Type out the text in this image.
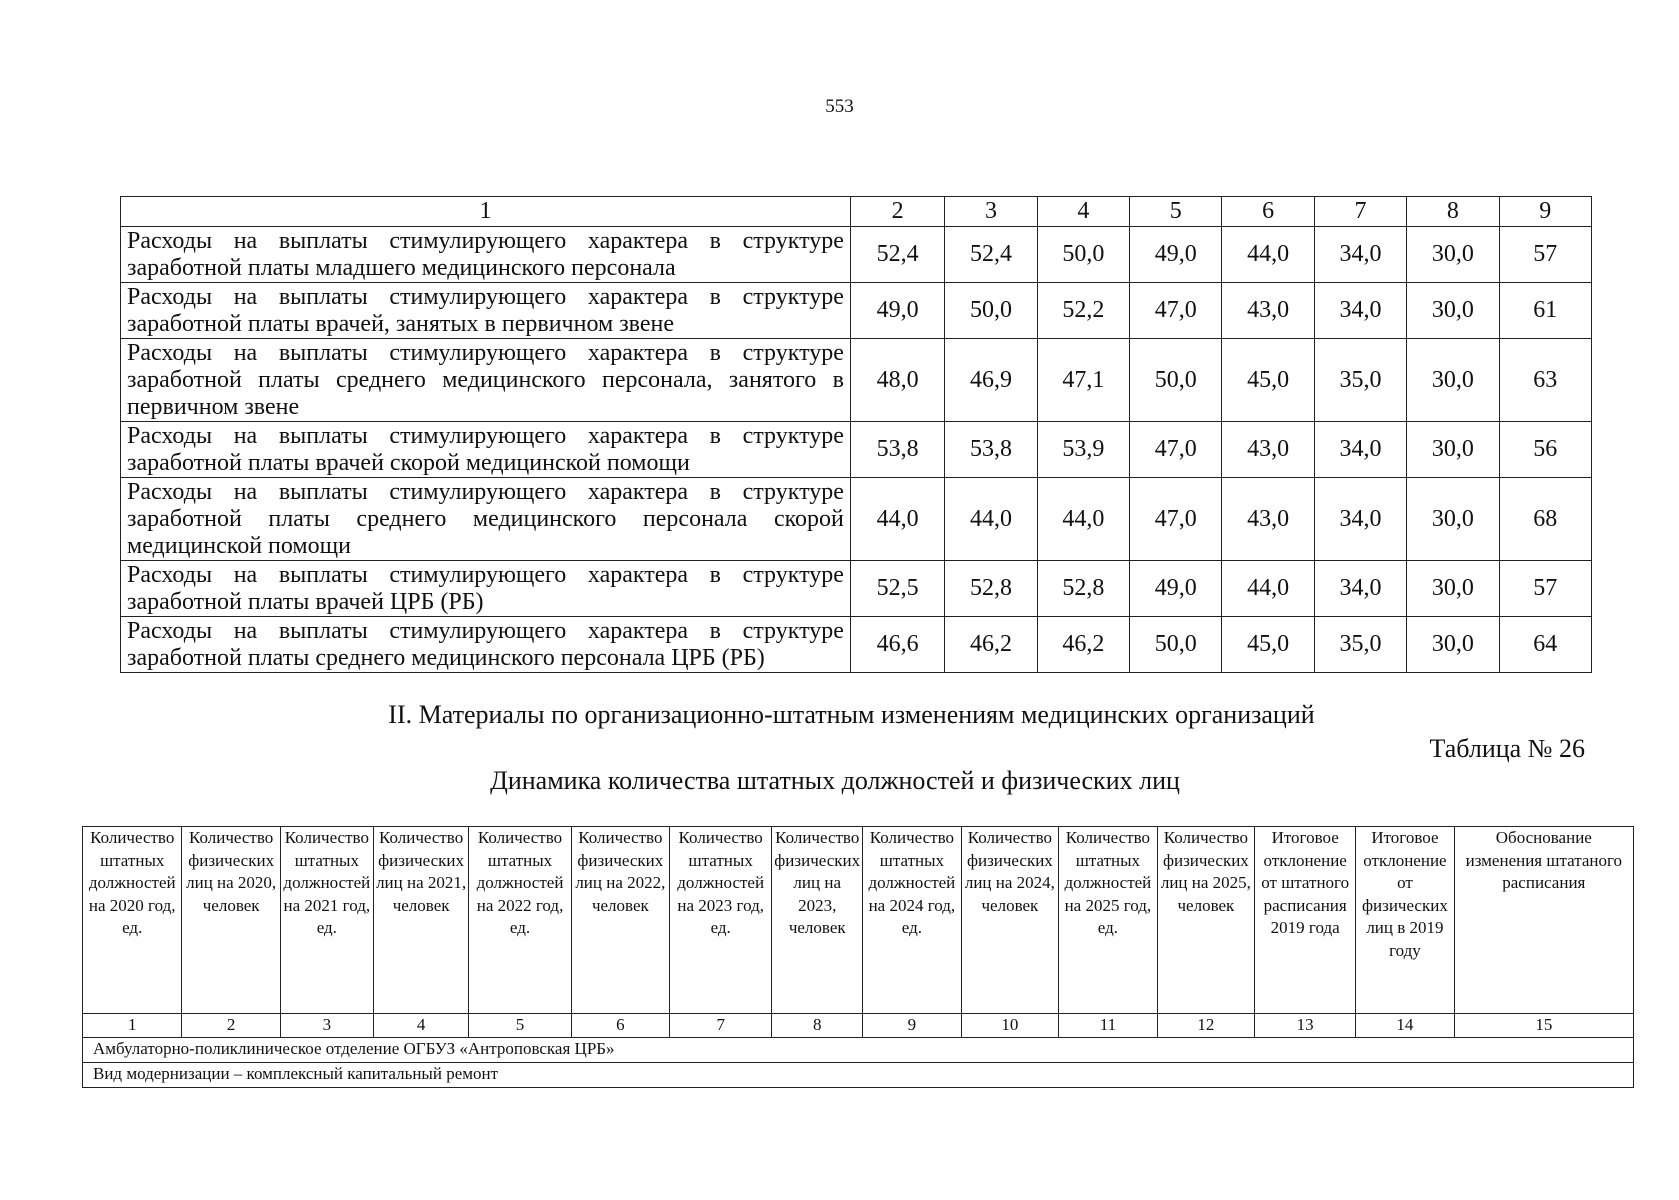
553
1	2	3	4	5	6	7	8	9
Расходы на выплаты стимулирующего характера в структуре заработной платы младшего медицинского персонала	52,4	52,4	50,0	49,0	44,0	34,0	30,0	57
Расходы на выплаты стимулирующего характера в структуре заработной платы врачей, занятых в первичном звене	49,0	50,0	52,2	47,0	43,0	34,0	30,0	61
Расходы на выплаты стимулирующего характера в структуре заработной платы среднего медицинского персонала, занятого в первичном звене	48,0	46,9	47,1	50,0	45,0	35,0	30,0	63
Расходы на выплаты стимулирующего характера в структуре заработной платы врачей скорой медицинской помощи	53,8	53,8	53,9	47,0	43,0	34,0	30,0	56
Расходы на выплаты стимулирующего характера в структуре заработной платы среднего медицинского персонала скорой медицинской помощи	44,0	44,0	44,0	47,0	43,0	34,0	30,0	68
Расходы на выплаты стимулирующего характера в структуре заработной платы врачей ЦРБ (РБ)	52,5	52,8	52,8	49,0	44,0	34,0	30,0	57
Расходы на выплаты стимулирующего характера в структуре заработной платы среднего медицинского персонала ЦРБ (РБ)	46,6	46,2	46,2	50,0	45,0	35,0	30,0	64
II. Материалы по организационно-штатным изменениям медицинских организаций
Таблица № 26
Динамика количества штатных должностей и физических лиц
Количество штатных должностей на 2020 год, ед.	Количество физических лиц на 2020, человек	Количество штатных должностей на 2021 год, ед.	Количество физических лиц на 2021, человек	Количество штатных должностей на 2022 год, ед.	Количество физических лиц на 2022, человек	Количество штатных должностей на 2023 год, ед.	Количество физических лиц на 2023, человек	Количество штатных должностей на 2024 год, ед.	Количество физических лиц на 2024, человек	Количество штатных должностей на 2025 год, ед.	Количество физических лиц на 2025, человек	Итоговое отклонение от штатного расписания 2019 года	Итоговое отклонение от физических лиц в 2019 году	Обоснование изменения штатаного расписания
1	2	3	4	5	6	7	8	9	10	11	12	13	14	15
Амбулаторно-поликлиническое отделение ОГБУЗ «Антроповская ЦРБ»														
Вид модернизации – комплексный капитальный ремонт														
